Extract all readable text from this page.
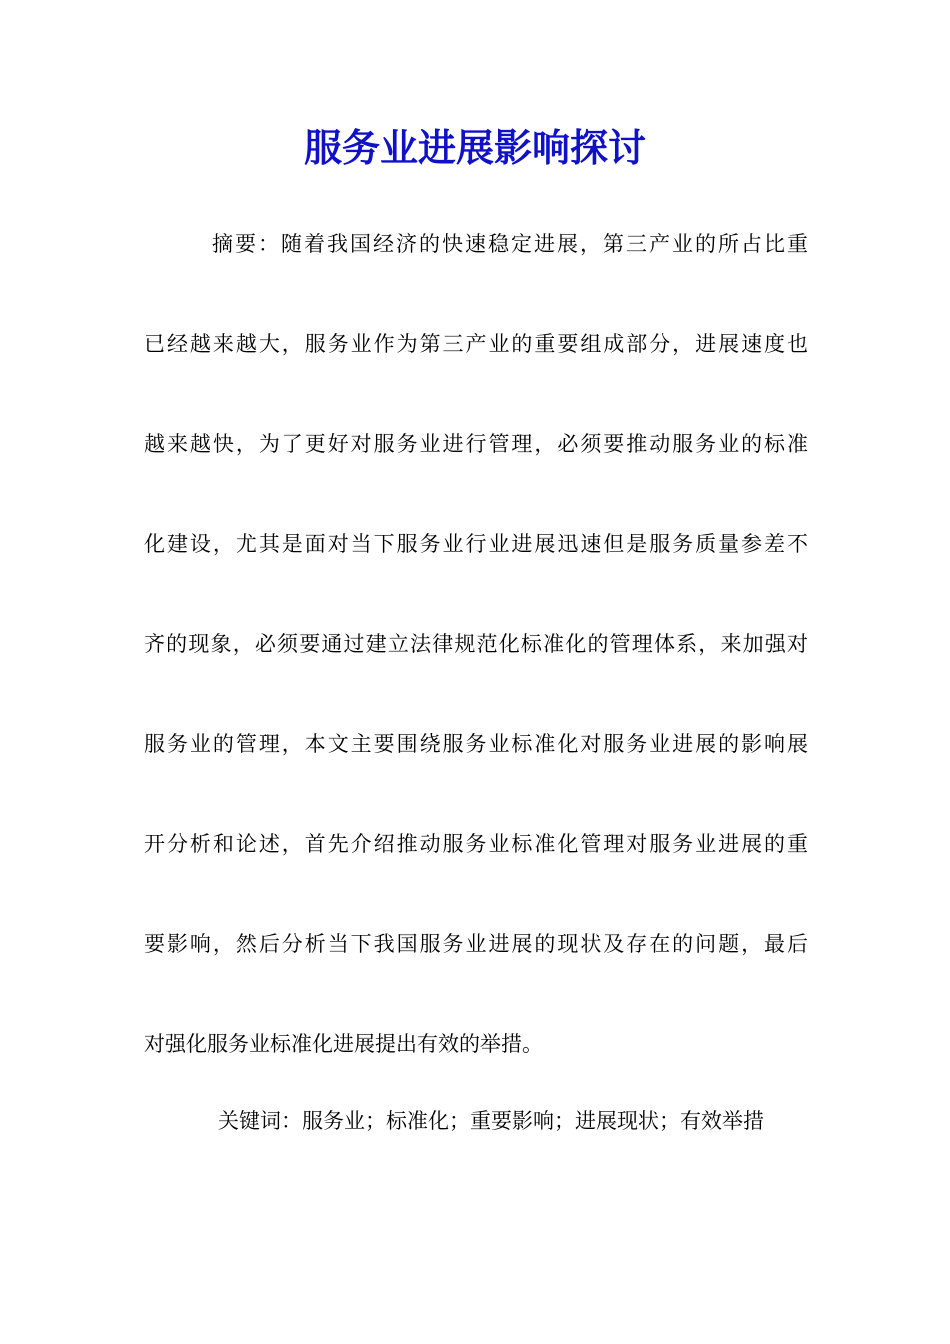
服务业进展影响探讨
摘要：随着我国经济的快速稳定进展，第三产业的所占比重
已经越来越大，服务业作为第三产业的重要组成部分，进展速度也
越来越快，为了更好对服务业进行管理，必须要推动服务业的标准
化建设，尤其是面对当下服务业行业进展迅速但是服务质量参差不
齐的现象，必须要通过建立法律规范化标准化的管理体系，来加强对
服务业的管理，本文主要围绕服务业标准化对服务业进展的影响展
开分析和论述，首先介绍推动服务业标准化管理对服务业进展的重
要影响，然后分析当下我国服务业进展的现状及存在的问题，最后
对强化服务业标准化进展提出有效的举措。
关键词：服务业；标准化；重要影响；进展现状；有效举措
